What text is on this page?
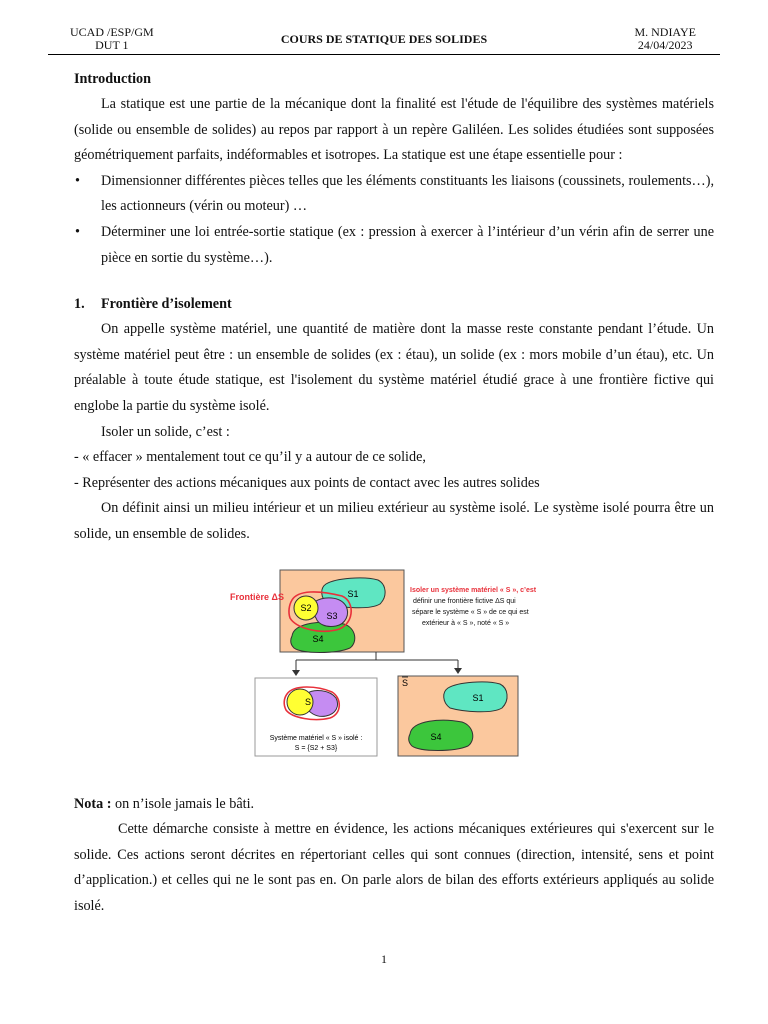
UCAD /ESP/GM
DUT 1	COURS DE STATIQUE DES SOLIDES	M. NDIAYE
24/04/2023
Introduction

La statique est une partie de la mécanique dont la finalité est l'étude de l'équilibre des systèmes matériels (solide ou ensemble de solides) au repos par rapport à un repère Galiléen. Les solides étudiées sont supposées géométriquement parfaits, indéformables et isotropes. La statique est une étape essentielle pour :

• Dimensionner différentes pièces telles que les éléments constituants les liaisons (coussinets, roulements…), les actionneurs (vérin ou moteur) …
• Déterminer une loi entrée-sortie statique (ex : pression à exercer à l’intérieur d’un vérin afin de serrer une pièce en sortie du système…).
1. Frontière d’isolement

On appelle système matériel, une quantité de matière dont la masse reste constante pendant l’étude. Un système matériel peut être : un ensemble de solides (ex : étau), un solide (ex : mors mobile d’un étau), etc. Un préalable à toute étude statique, est l'isolement du système matériel étudié grace à une frontière fictive qui englobe la partie du système isolé.

Isoler un solide, c’est :

- « effacer » mentalement tout ce qu’il y a autour de ce solide,

- Représenter des actions mécaniques aux points de contact avec les autres solides

On définit ainsi un milieu intérieur et un milieu extérieur au système isolé. Le système isolé pourra être un solide, un ensemble de solides.

S1
S4
S3
S2
Frontière ΔS
Isoler un système matériel « S », c’est
définir une frontière fictive ΔS qui
sépare le système « S » de ce qui est
extérieur à « S », noté « S »
S
Système matériel « S » isolé :
S = {S2 + S3}
S
S1
S4

Nota : on n’isole jamais le bâti.

Cette démarche consiste à mettre en évidence, les actions mécaniques extérieures qui s'exercent sur le solide. Ces actions seront décrites en répertoriant celles qui sont connues (direction, intensité, sens et point d’application.) et celles qui ne le sont pas en. On parle alors de bilan des efforts extérieurs appliqués au solide isolé.

1
